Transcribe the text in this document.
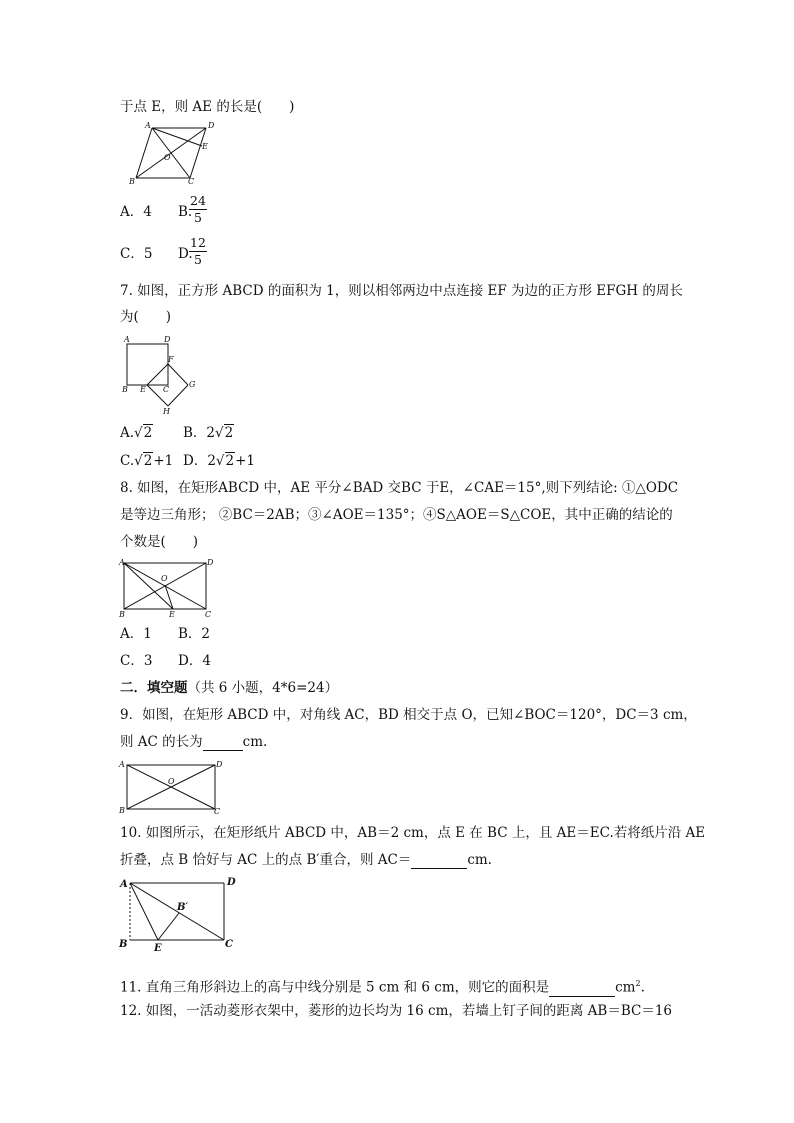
于点 E，则 AE 的长是(　　)
A	D
O
E
B	C
A．4 B.
24
5
C．5 D.
12
5
7. 如图，正方形 ABCD 的面积为 1，则以相邻两边中点连接 EF 为边的正方形 EFGH 的周长
为(　　)
A	D
F
B E C
G
H
A.√2 B．2√2
C.√2+1 D．2√2+1
8. 如图，在矩形ABCD 中，AE 平分∠BAD 交BC 于E，∠CAE＝15°,则下列结论: ①△ODC
是等边三角形； ②BC＝2AB；③∠AOE＝135°；④S△AOE＝S△COE，其中正确的结论的
个数是(　　)
A	D
O
B	E	C
A．1 B．2
C．3 D．4
二．填空题（共 6 小题，4*6=24）
9．如图，在矩形 ABCD 中，对角线 AC，BD 相交于点 O，已知∠BOC＝120°，DC＝3 cm，
则 AC 的长为	cm.
A	D
O
B	C
10. 如图所示，在矩形纸片 ABCD 中，AB＝2 cm，点 E 在 BC 上，且 AE＝EC.若将纸片沿 AE
折叠，点 B 恰好与 AC 上的点 B′重合，则 AC＝	cm.
A	D
B′
B	E	C
11. 直角三角形斜边上的高与中线分别是 5 cm 和 6 cm，则它的面积是	$cm^2$.
12. 如图，一活动菱形衣架中，菱形的边长均为 16 cm，若墙上钉子间的距离 AB＝BC＝16
